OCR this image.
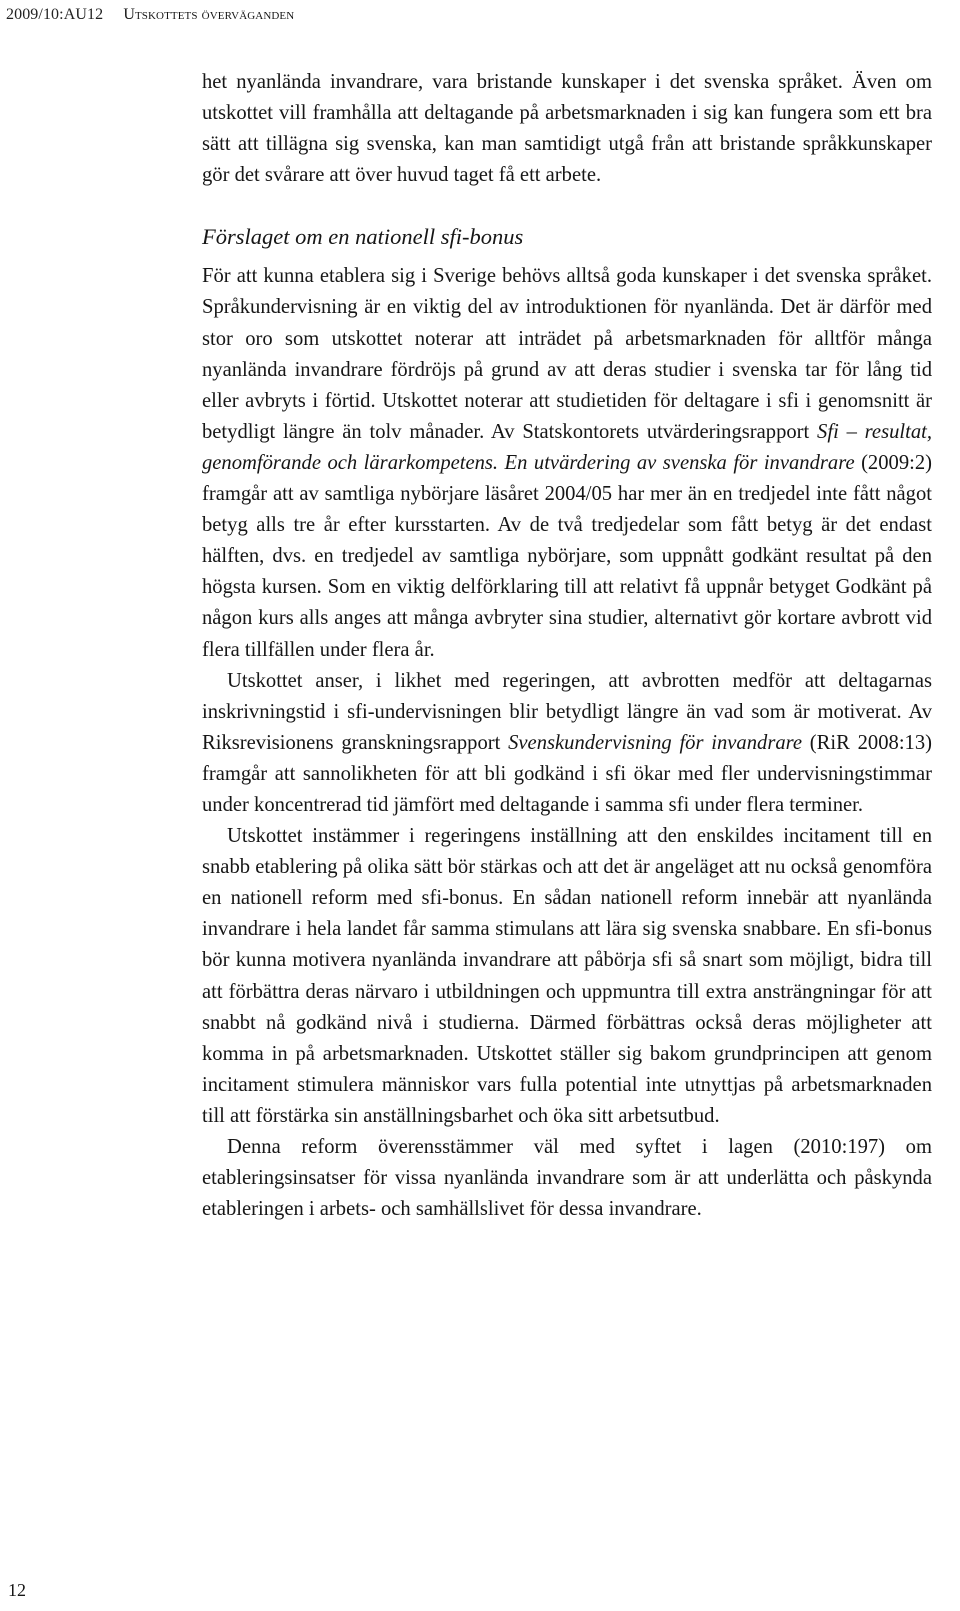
2009/10:AU12 Utskottets överväganden

het nyanlända invandrare, vara bristande kunskaper i det svenska språket. Även om utskottet vill framhålla att deltagande på arbetsmarknaden i sig kan fungera som ett bra sätt att tillägna sig svenska, kan man samtidigt utgå från att bristande språkkunskaper gör det svårare att över huvud taget få ett arbete.

Förslaget om en nationell sfi-bonus

För att kunna etablera sig i Sverige behövs alltså goda kunskaper i det svenska språket. Språkundervisning är en viktig del av introduktionen för nyanlända. Det är därför med stor oro som utskottet noterar att inträdet på arbetsmarknaden för alltför många nyanlända invandrare fördröjs på grund av att deras studier i svenska tar för lång tid eller avbryts i förtid. Utskottet noterar att studietiden för deltagare i sfi i genomsnitt är betydligt längre än tolv månader. Av Statskontorets utvärderingsrapport Sfi – resultat, genomförande och lärarkompetens. En utvärdering av svenska för invandrare (2009:2) framgår att av samtliga nybörjare läsåret 2004/05 har mer än en tredjedel inte fått något betyg alls tre år efter kursstarten. Av de två tredjedelar som fått betyg är det endast hälften, dvs. en tredjedel av samtliga nybörjare, som uppnått godkänt resultat på den högsta kursen. Som en viktig delförklaring till att relativt få uppnår betyget Godkänt på någon kurs alls anges att många avbryter sina studier, alternativt gör kortare avbrott vid flera tillfällen under flera år.

Utskottet anser, i likhet med regeringen, att avbrotten medför att deltagarnas inskrivningstid i sfi-undervisningen blir betydligt längre än vad som är motiverat. Av Riksrevisionens granskningsrapport Svenskundervisning för invandrare (RiR 2008:13) framgår att sannolikheten för att bli godkänd i sfi ökar med fler undervisningstimmar under koncentrerad tid jämfört med deltagande i samma sfi under flera terminer.

Utskottet instämmer i regeringens inställning att den enskildes incitament till en snabb etablering på olika sätt bör stärkas och att det är angeläget att nu också genomföra en nationell reform med sfi-bonus. En sådan nationell reform innebär att nyanlända invandrare i hela landet får samma stimulans att lära sig svenska snabbare. En sfi-bonus bör kunna motivera nyanlända invandrare att påbörja sfi så snart som möjligt, bidra till att förbättra deras närvaro i utbildningen och uppmuntra till extra ansträngningar för att snabbt nå godkänd nivå i studierna. Därmed förbättras också deras möjligheter att komma in på arbetsmarknaden. Utskottet ställer sig bakom grundprincipen att genom incitament stimulera människor vars fulla potential inte utnyttjas på arbetsmarknaden till att förstärka sin anställningsbarhet och öka sitt arbetsutbud.

Denna reform överensstämmer väl med syftet i lagen (2010:197) om etableringsinsatser för vissa nyanlända invandrare som är att underlätta och påskynda etableringen i arbets- och samhällslivet för dessa invandrare.

12
